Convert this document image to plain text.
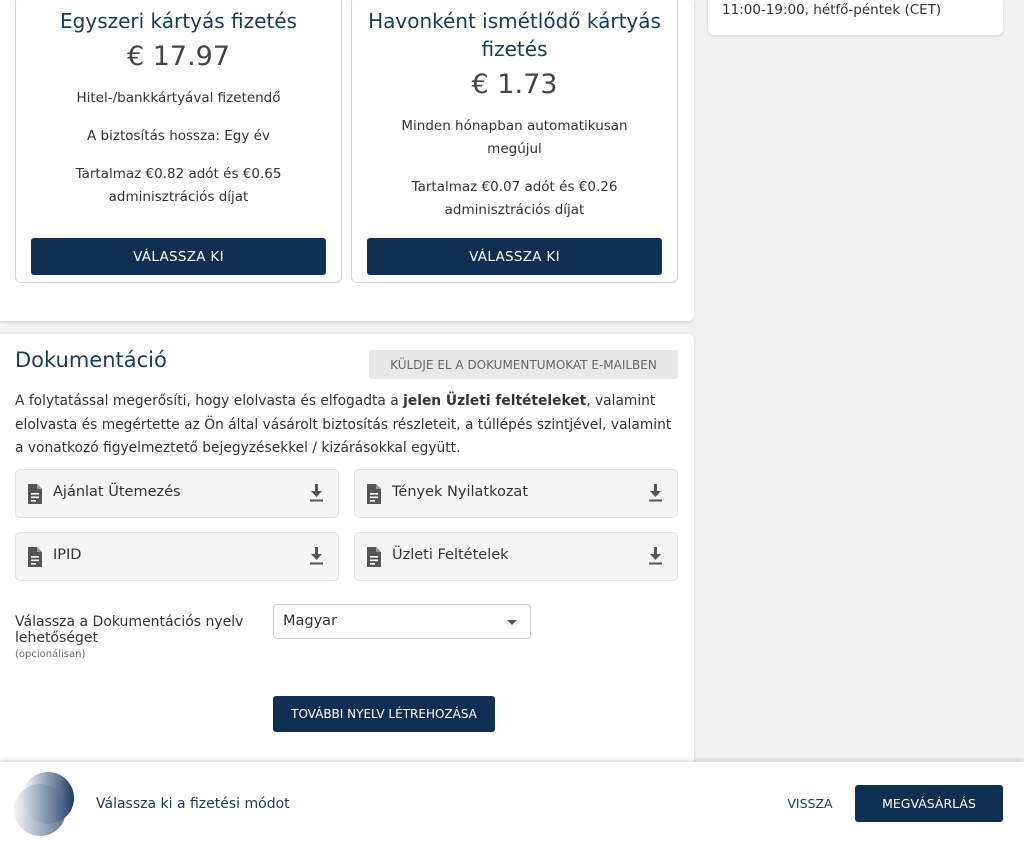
11:00-19:00, hétfő-péntek (CET)
Egyszeri kártyás fizetés
€ 17.97
Hitel-/bankkártyával fizetendő
A biztosítás hossza: Egy év
Tartalmaz €0.82 adót és €0.65 adminisztrációs díjat
VÁLASSZA KI
Havonként ismétlődő kártyás fizetés
€ 1.73
Minden hónapban automatikusan megújul
Tartalmaz €0.07 adót és €0.26 adminisztrációs díjat
VÁLASSZA KI
Dokumentáció	KÜLDJE EL A DOKUMENTUMOKAT E-MAILBEN
A folytatással megerősíti, hogy elolvasta és elfogadta a jelen Üzleti feltételeket, valamint elolvasta és megértette az Ön által vásárolt biztosítás részleteit, a túllépés szintjével, valamint a vonatkozó figyelmeztető bejegyzésekkel / kizárásokkal együtt.
Ajánlat Ütemezés	Tények Nyilatkozat
IPID	Üzleti Feltételek
Válassza a Dokumentációs nyelv lehetőséget
(opcionálisan)
Magyar
TOVÁBBI NYELV LÉTREHOZÁSA
Válassza ki a fizetési módot	VISSZA	MEGVÁSÁRLÁS
